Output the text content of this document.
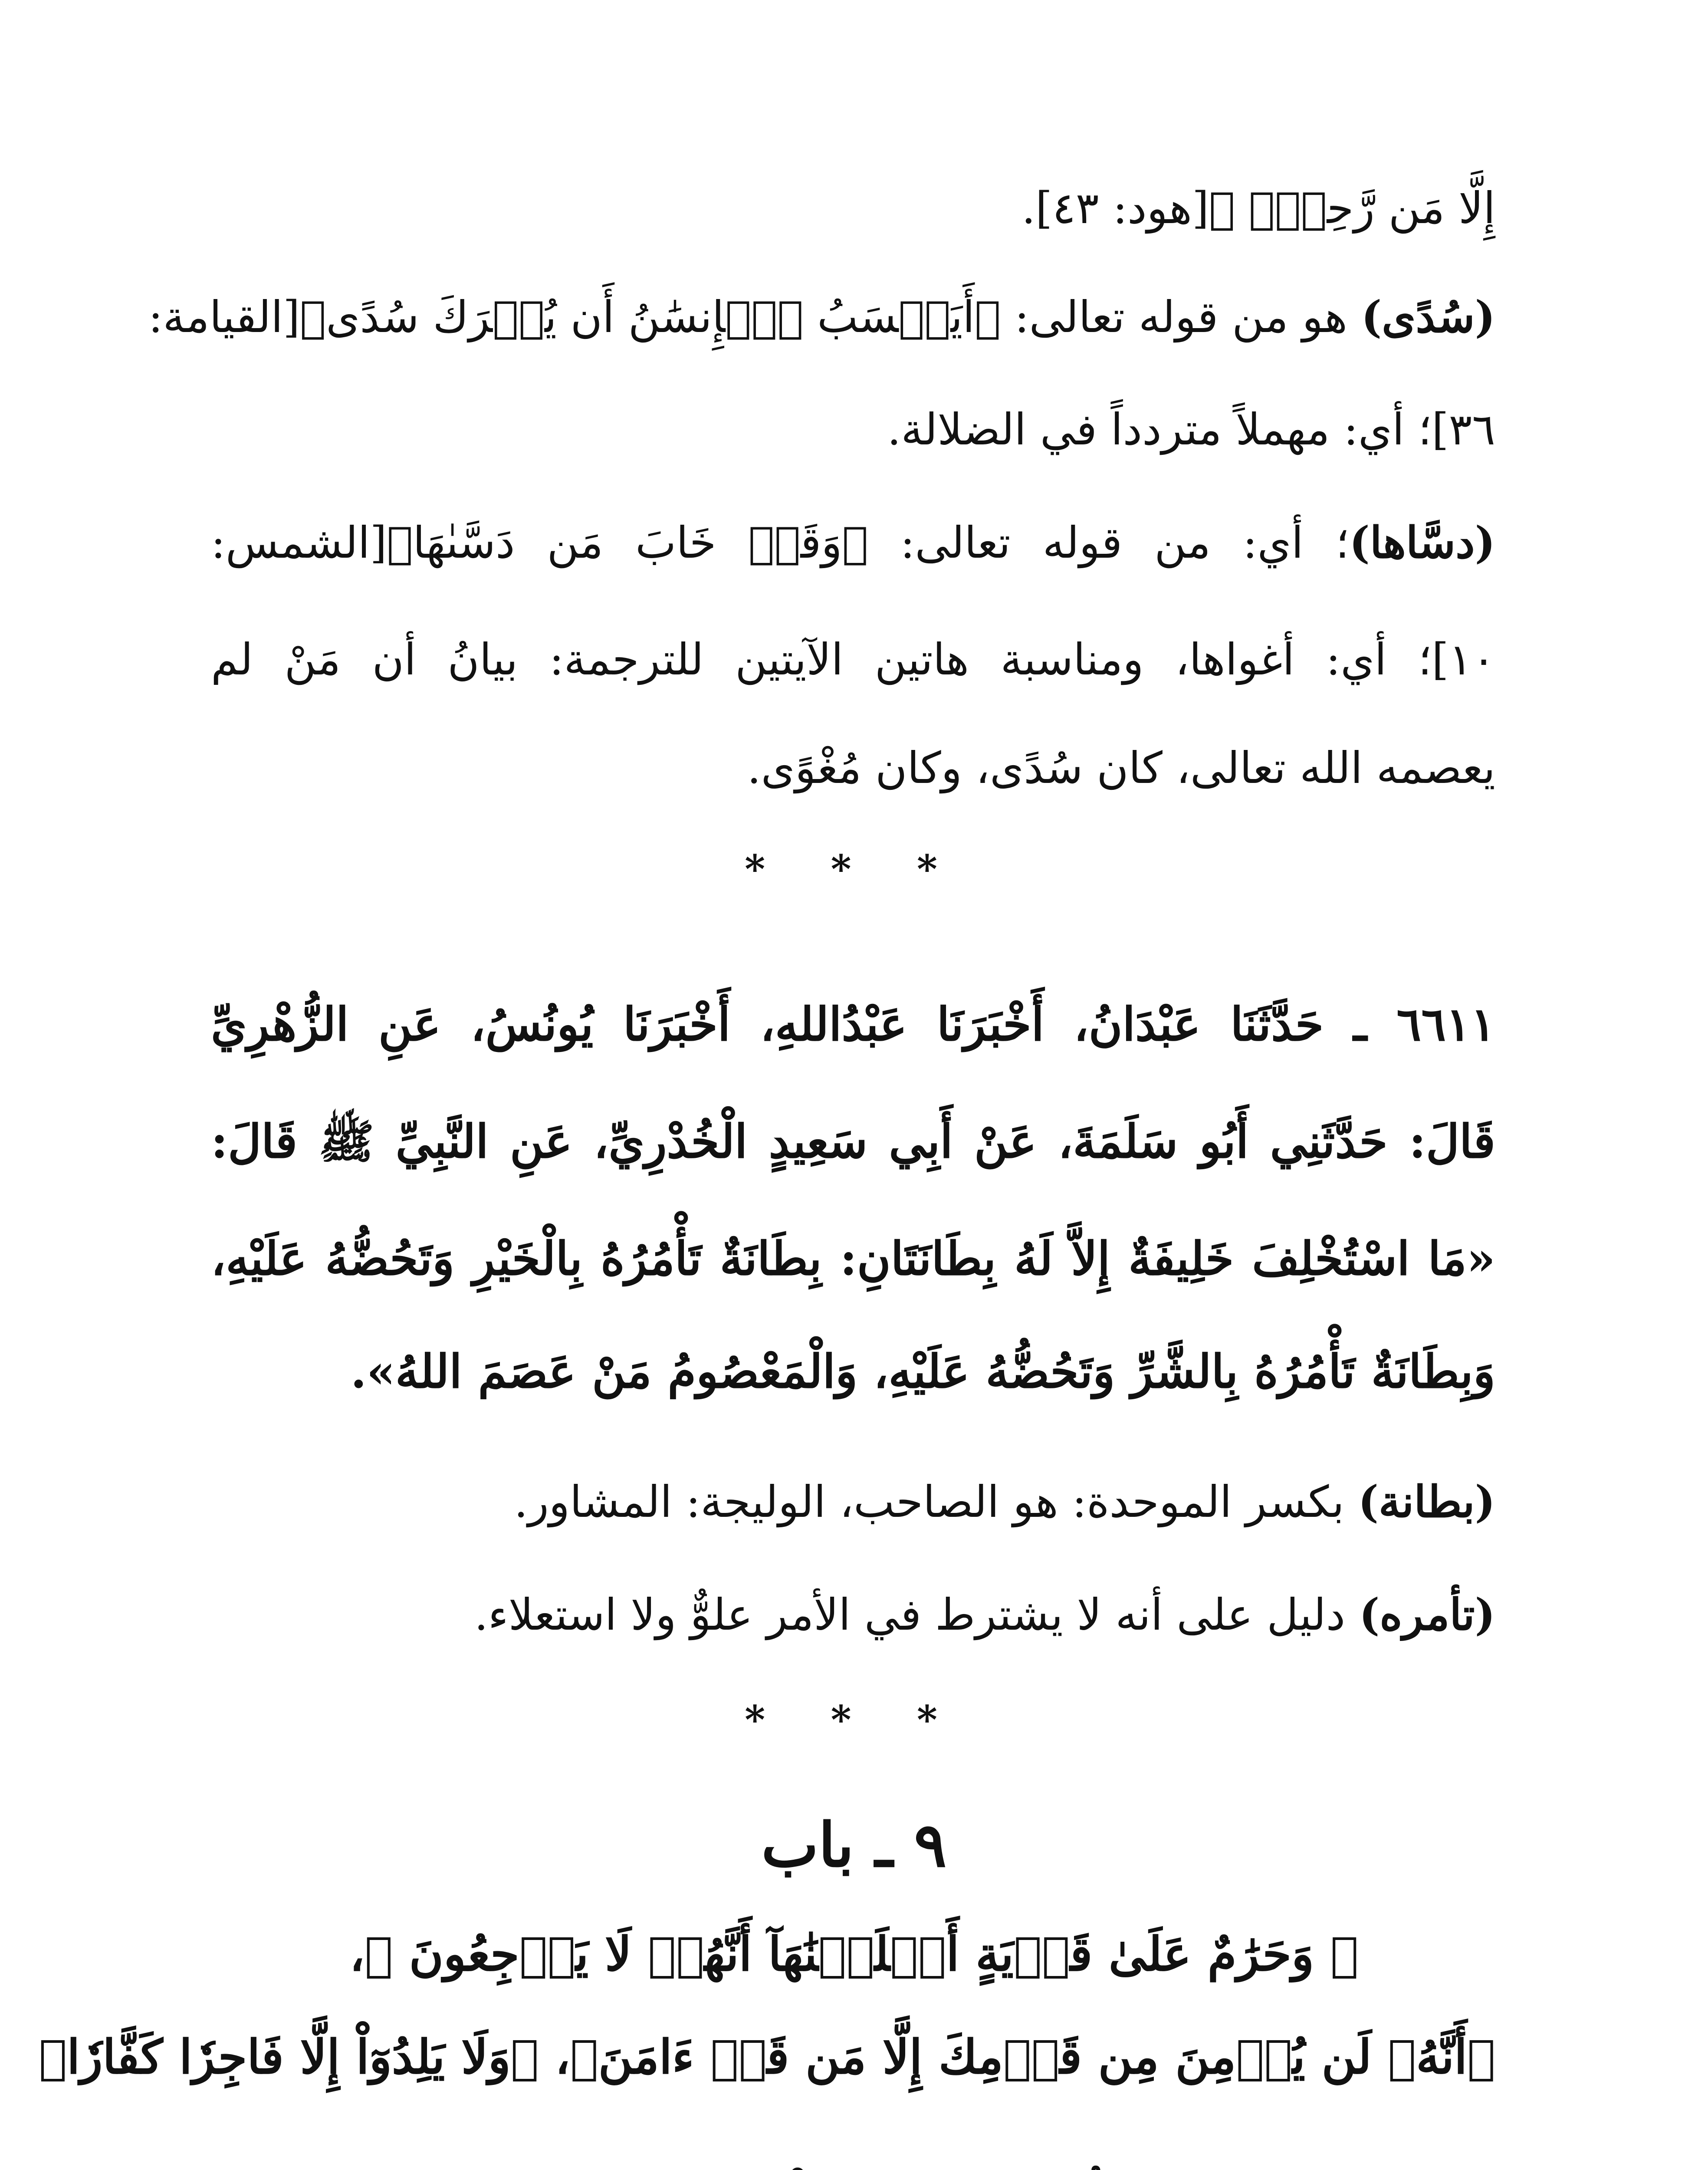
إِلَّا مَن رَّحِمَۚ ﴾[هود: ٤٣].

(سُدًى) هو من قوله تعالى: ﴿أَيَحۡسَبُ ٱلۡإِنسَٰنُ أَن يُتۡرَكَ سُدًى﴾[القيامة:

٣٦]؛ أي: مهملاً متردداً في الضلالة.

(دسَّاها)؛ أي: من قوله تعالى: ﴿وَقَدۡ خَابَ مَن دَسَّىٰهَا﴾[الشمس:

١٠]؛ أي: أغواها، ومناسبة هاتين الآيتين للترجمة: بيانُ أن مَنْ لم

يعصمه الله تعالى، كان سُدًى، وكان مُغْوًى.

* * *

٦٦١١ ـ حَدَّثَنَا عَبْدَانُ، أَخْبَرَنَا عَبْدُاللهِ، أَخْبَرَنَا يُونُسُ، عَنِ الزُّهْرِيِّ

قَالَ: حَدَّثَنِي أَبُو سَلَمَةَ، عَنْ أَبِي سَعِيدٍ الْخُدْرِيِّ، عَنِ النَّبِيِّ ﷺ قَالَ:

«مَا اسْتُخْلِفَ خَلِيفَةٌ إِلاَّ لَهُ بِطَانَتَانِ: بِطَانَةٌ تَأْمُرُهُ بِالْخَيْرِ وَتَحُضُّهُ عَلَيْهِ،

وَبِطَانَةٌ تَأْمُرُهُ بِالشَّرِّ وَتَحُضُّهُ عَلَيْهِ، وَالْمَعْصُومُ مَنْ عَصَمَ اللهُ».

(بطانة) بكسر الموحدة: هو الصاحب، الوليجة: المشاور.

(تأمره) دليل على أنه لا يشترط في الأمر علوٌّ ولا استعلاء.

* * *

٩ ـ باب

﴿ وَحَرَٰمٌ عَلَىٰ قَرۡيَةٍ أَهۡلَكۡنَٰهَآ أَنَّهُمۡ لَا يَرۡجِعُونَ ﴾،

﴿أَنَّهُۥ لَن يُؤۡمِنَ مِن قَوۡمِكَ إِلَّا مَن قَدۡ ءَامَنَ﴾، ﴿وَلَا يَلِدُوٓاْ إِلَّا فَاجِرٗا كَفَّارٗا﴾
